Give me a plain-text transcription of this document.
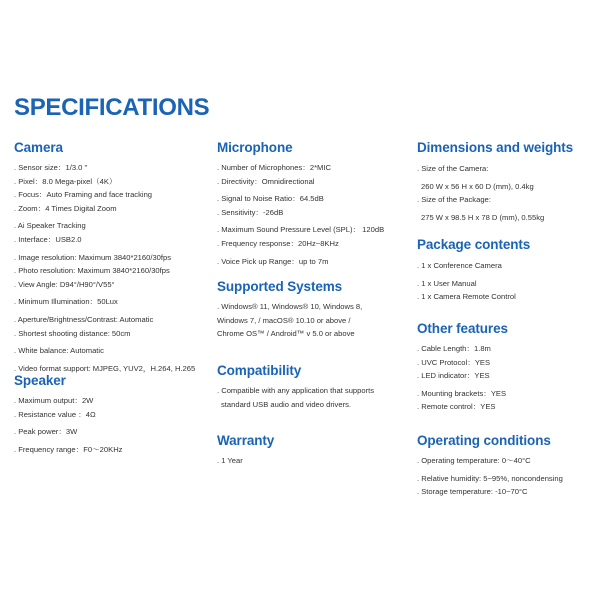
SPECIFICATIONS
Camera
. Sensor size：1/3.0 "
. Pixel：8.0 Mega-pixel（4K）
. Focus：Auto Framing and face tracking
. Zoom：4 Times Digital Zoom
. Ai Speaker Tracking
. Interface：USB2.0
. Image resolution: Maximum 3840*2160/30fps
. Photo resolution: Maximum 3840*2160/30fps
. View Angle: D94°/H90°/V55°
. Minimum Illumination：50Lux
. Aperture/Brightness/Contrast: Automatic
. Shortest shooting distance: 50cm
. White balance: Automatic
. Video format support: MJPEG, YUV2，H.264, H.265
Speaker
. Maximum output：2W
. Resistance value ：4Ω
. Peak power：3W
. Frequency range：F0～20KHz
Microphone
. Number of Microphones：2*MIC
. Directivity：Omnidirectional
. Signal to Noise Ratio：64.5dB
. Sensitivity：-26dB
. Maximum Sound Pressure Level (SPL)： 120dB
. Frequency response：20Hz~8KHz
. Voice Pick up Range：up to 7m
Supported Systems
. Windows® 11, Windows® 10, Windows 8,
Windows 7, / macOS® 10.10 or above /
Chrome OS™ / Android™ v 5.0 or above
Compatibility
. Compatible with any application that supports
standard USB audio and video drivers.
Warranty
. 1 Year
Dimensions and weights
. Size of the Camera:
260 W x 56 H x 60 D (mm), 0.4kg
. Size of the Package:
275 W x 98.5 H x 78 D (mm), 0.55kg
Package contents
. 1 x Conference Camera
. 1 x User Manual
. 1 x Camera Remote Control
Other features
. Cable Length：1.8m
. UVC Protocol：YES
. LED indicator：YES
. Mounting brackets：YES
. Remote control：YES
Operating conditions
. Operating temperature: 0～40°C
. Relative humidity: 5~95%, noncondensing
. Storage temperature: -10~70°C
